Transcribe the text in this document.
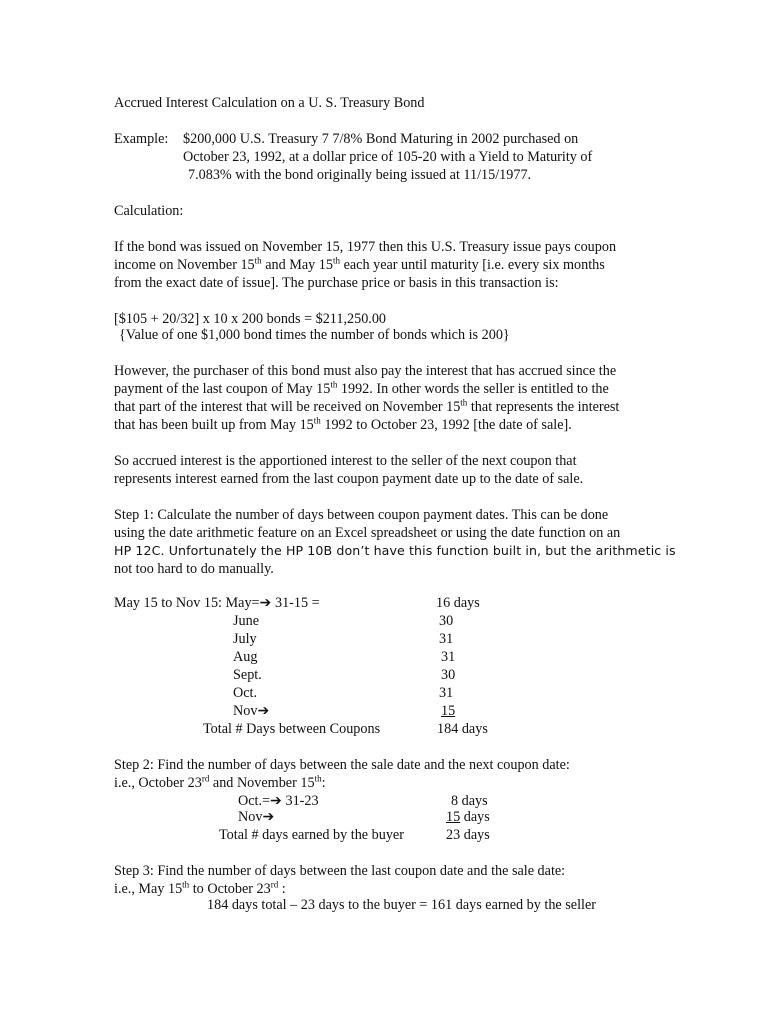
Accrued Interest Calculation on a U. S. Treasury Bond
Example: $200,000 U.S. Treasury 7 7/8% Bond Maturing in 2002 purchased on
October 23, 1992, at a dollar price of 105-20 with a Yield to Maturity of
7.083% with the bond originally being issued at 11/15/1977.
Calculation:
If the bond was issued on November 15, 1977 then this U.S. Treasury issue pays coupon
income on November 15th and May 15th each year until maturity [i.e. every six months
from the exact date of issue]. The purchase price or basis in this transaction is:
[$105 + 20/32] x 10 x 200 bonds = $211,250.00
{Value of one $1,000 bond times the number of bonds which is 200}
However, the purchaser of this bond must also pay the interest that has accrued since the
payment of the last coupon of May 15th 1992. In other words the seller is entitled to the
that part of the interest that will be received on November 15th that represents the interest
that has been built up from May 15th 1992 to October 23, 1992 [the date of sale].
So accrued interest is the apportioned interest to the seller of the next coupon that
represents interest earned from the last coupon payment date up to the date of sale.
Step 1: Calculate the number of days between coupon payment dates. This can be done
using the date arithmetic feature on an Excel spreadsheet or using the date function on an
HP 12C. Unfortunately the HP 10B don’t have this function built in, but the arithmetic is
not too hard to do manually.
May 15 to Nov 15: May=➔ 31-15 =	16 days
June	30
July	31
Aug	31
Sept.	30
Oct.	31
Nov➔	15
Total # Days between Coupons	184 days
Step 2: Find the number of days between the sale date and the next coupon date:
i.e., October 23rd and November 15th:
Oct.=➔ 31-23	8 days
Nov➔	15 days
Total # days earned by the buyer	23 days
Step 3: Find the number of days between the last coupon date and the sale date:
i.e., May 15th to October 23rd :
184 days total – 23 days to the buyer = 161 days earned by the seller
